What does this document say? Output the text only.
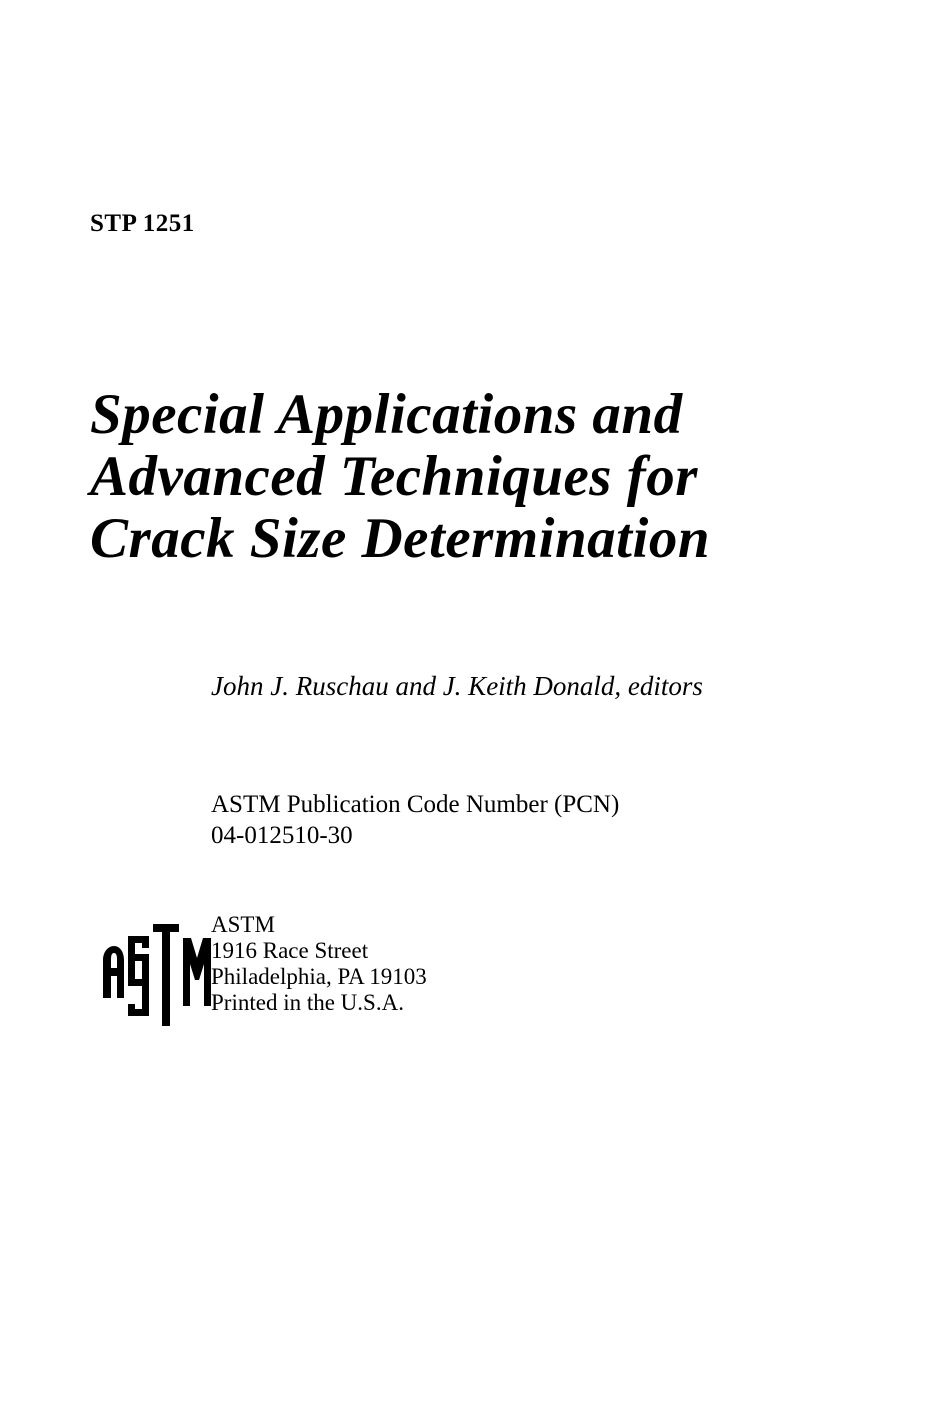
STP 1251
Special Applications and
Advanced Techniques for
Crack Size Determination
John J. Ruschau and J. Keith Donald, editors
ASTM Publication Code Number (PCN)
04-012510-30
ASTM
1916 Race Street
Philadelphia, PA 19103
Printed in the U.S.A.
